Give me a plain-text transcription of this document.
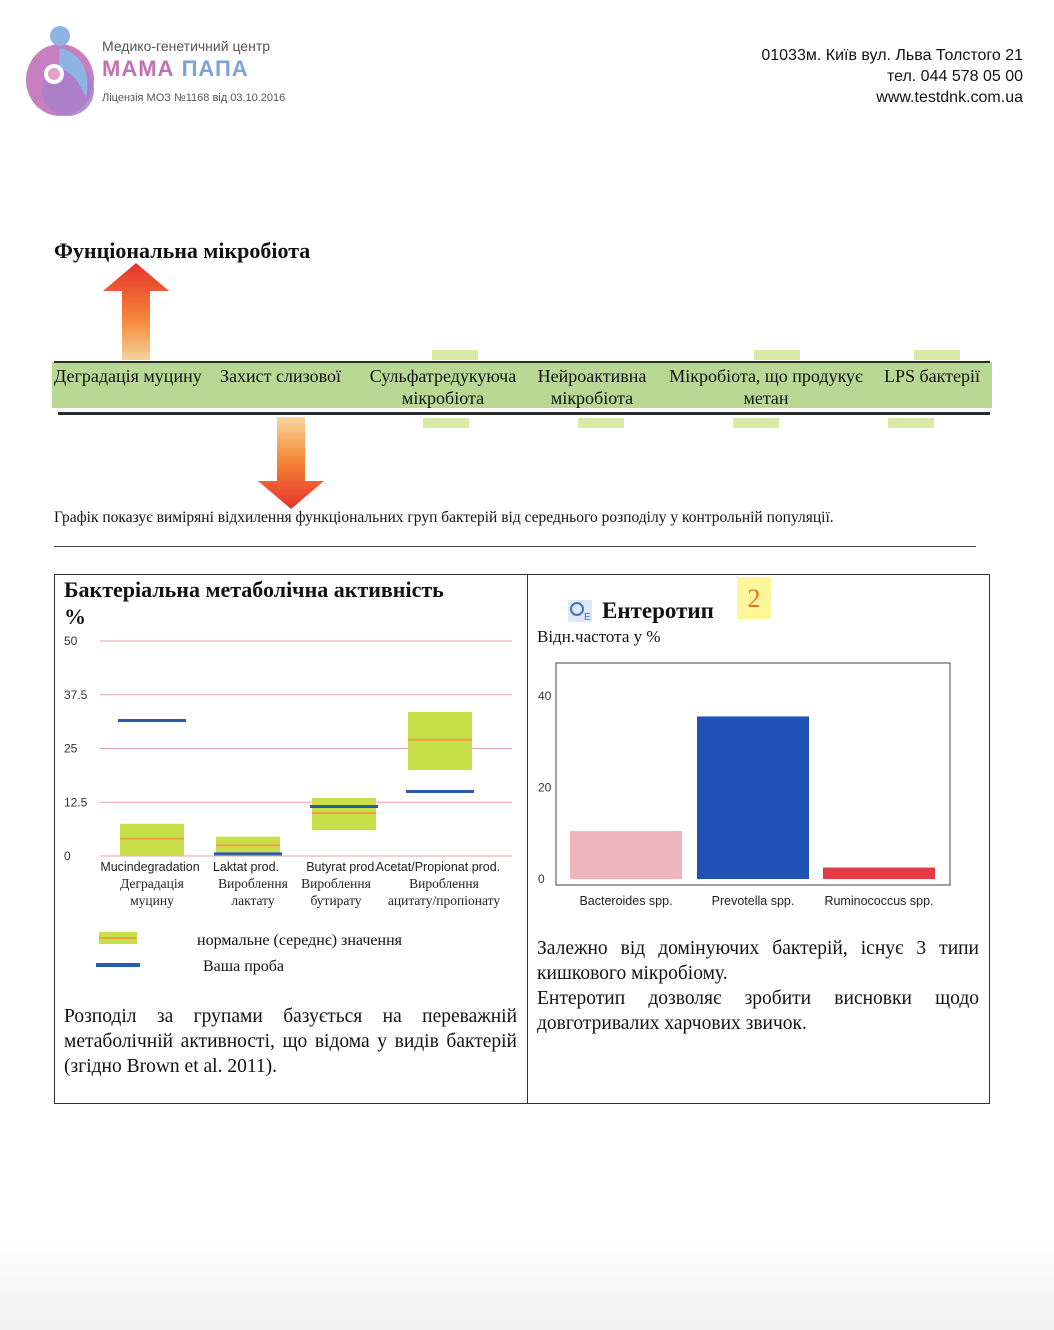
Медико-генетичний центр
МАМА ПАПА
Ліцензія МОЗ №1168 від 03.10.2016
01033м. Київ вул. Льва Толстого 21
тел. 044 578 05 00
www.testdnk.com.ua
Фунціональна мікробіота
Деградація муцину Захист слизової	Сульфатредукуюча мікробіота
Нейроактивна мікробіота
Мікробіота, що продукує метан
LPS бактерії
Графік показує виміряні відхилення функціональних груп бактерій від середнього розподілу у контрольній популяції.
Бактеріальна метаболічна активність
%
0
12.5
25
37.5
50
Mucindegradation
Деградація
муцину
Laktat prod.
Вироблення
лактату
Butyrat prod.
Вироблення
бутирату
Acetat/Propionat prod.
Вироблення
ацитату/пропіонату
нормальне (середнє) значення
Ваша проба
Розподіл за групами базується на переважній метаболічній активності, що відома у видів бактерій (згідно Brown et al. 2011).
E Ентеротип	2
Відн.частота у %
0
20
40
Bacteroides spp.	Prevotella spp. Ruminococcus spp.
Залежно від домінуючих бактерій, існує 3 типи кишкового мікробіому.
Ентеротип дозволяє зробити висновки щодо довготривалих харчових звичок.
